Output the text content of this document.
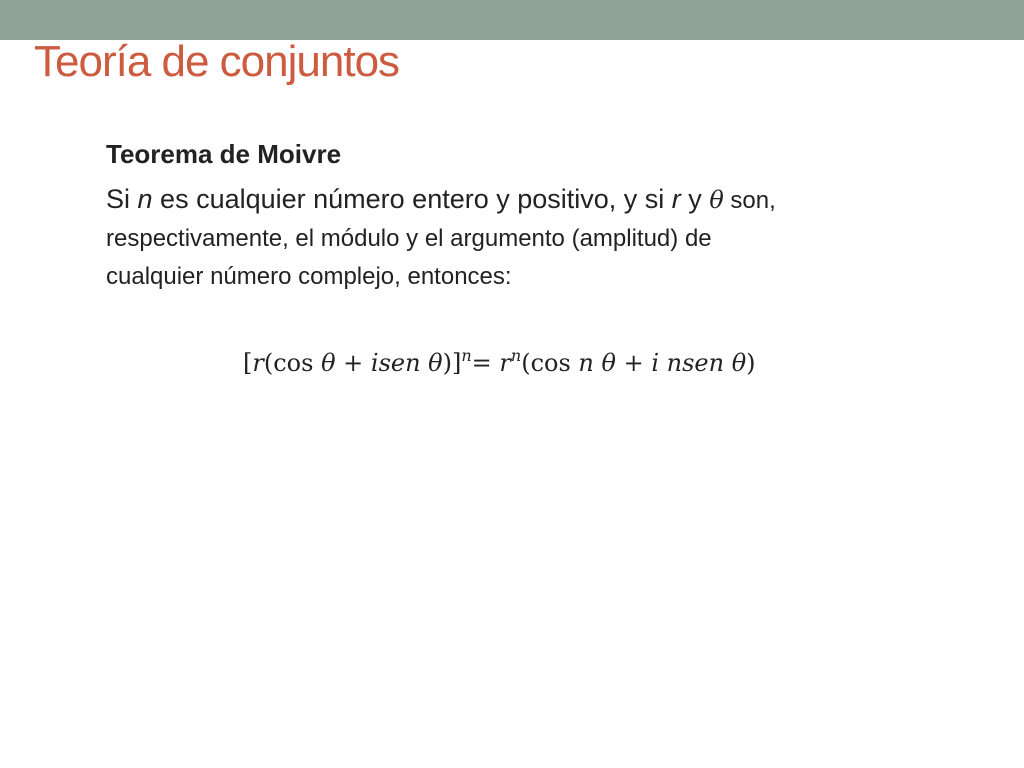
Teoría de conjuntos

Teorema de Moivre

Si n es cualquier número entero y positivo, y si r y θ son,
respectivamente, el módulo y el argumento (amplitud) de
cualquier número complejo, entonces:

[r(cos θ + isen $\theta)]^n= r^n(\cos$ n θ + i nsen θ)
